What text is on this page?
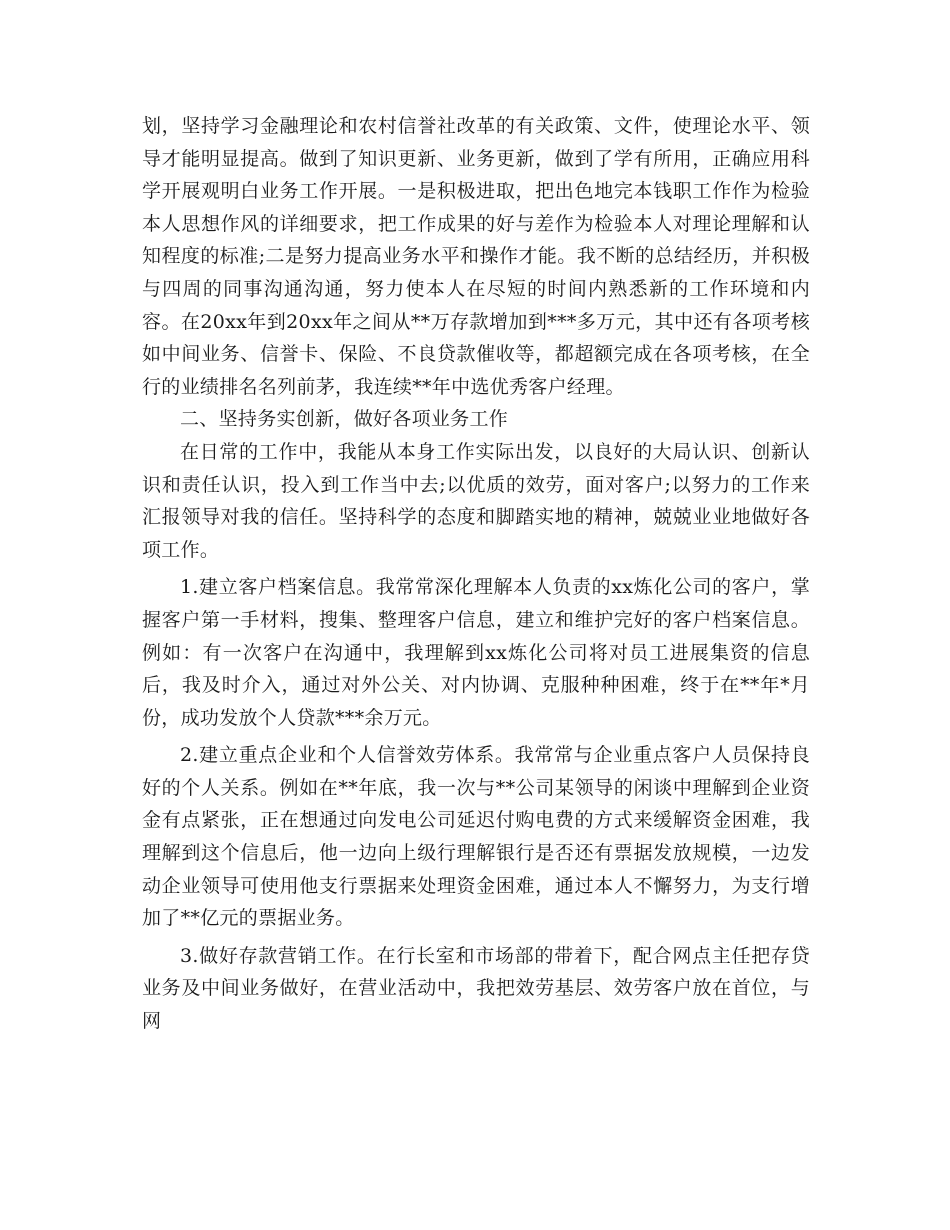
划，坚持学习金融理论和农村信誉社改革的有关政策、文件，使理论水平、领导才能明显提高。做到了知识更新、业务更新，做到了学有所用，正确应用科学开展观明白业务工作开展。一是积极进取，把出色地完本钱职工作作为检验本人思想作风的详细要求，把工作成果的好与差作为检验本人对理论理解和认知程度的标准;二是努力提高业务水平和操作才能。我不断的总结经历，并积极与四周的同事沟通沟通，努力使本人在尽短的时间内熟悉新的工作环境和内容。在20xx年到20xx年之间从**万存款增加到***多万元，其中还有各项考核如中间业务、信誉卡、保险、不良贷款催收等，都超额完成在各项考核，在全行的业绩排名名列前茅，我连续**年中选优秀客户经理。

二、坚持务实创新，做好各项业务工作

在日常的工作中，我能从本身工作实际出发，以良好的大局认识、创新认识和责任认识，投入到工作当中去;以优质的效劳，面对客户;以努力的工作来汇报领导对我的信任。坚持科学的态度和脚踏实地的精神，兢兢业业地做好各项工作。

1.建立客户档案信息。我常常深化理解本人负责的xx炼化公司的客户，掌握客户第一手材料，搜集、整理客户信息，建立和维护完好的客户档案信息。例如：有一次客户在沟通中，我理解到xx炼化公司将对员工进展集资的信息后，我及时介入，通过对外公关、对内协调、克服种种困难，终于在**年*月份，成功发放个人贷款***余万元。

2.建立重点企业和个人信誉效劳体系。我常常与企业重点客户人员保持良好的个人关系。例如在**年底，我一次与**公司某领导的闲谈中理解到企业资金有点紧张，正在想通过向发电公司延迟付购电费的方式来缓解资金困难，我理解到这个信息后，他一边向上级行理解银行是否还有票据发放规模，一边发动企业领导可使用他支行票据来处理资金困难，通过本人不懈努力，为支行增加了**亿元的票据业务。

3.做好存款营销工作。在行长室和市场部的带着下，配合网点主任把存贷业务及中间业务做好，在营业活动中，我把效劳基层、效劳客户放在首位，与网
